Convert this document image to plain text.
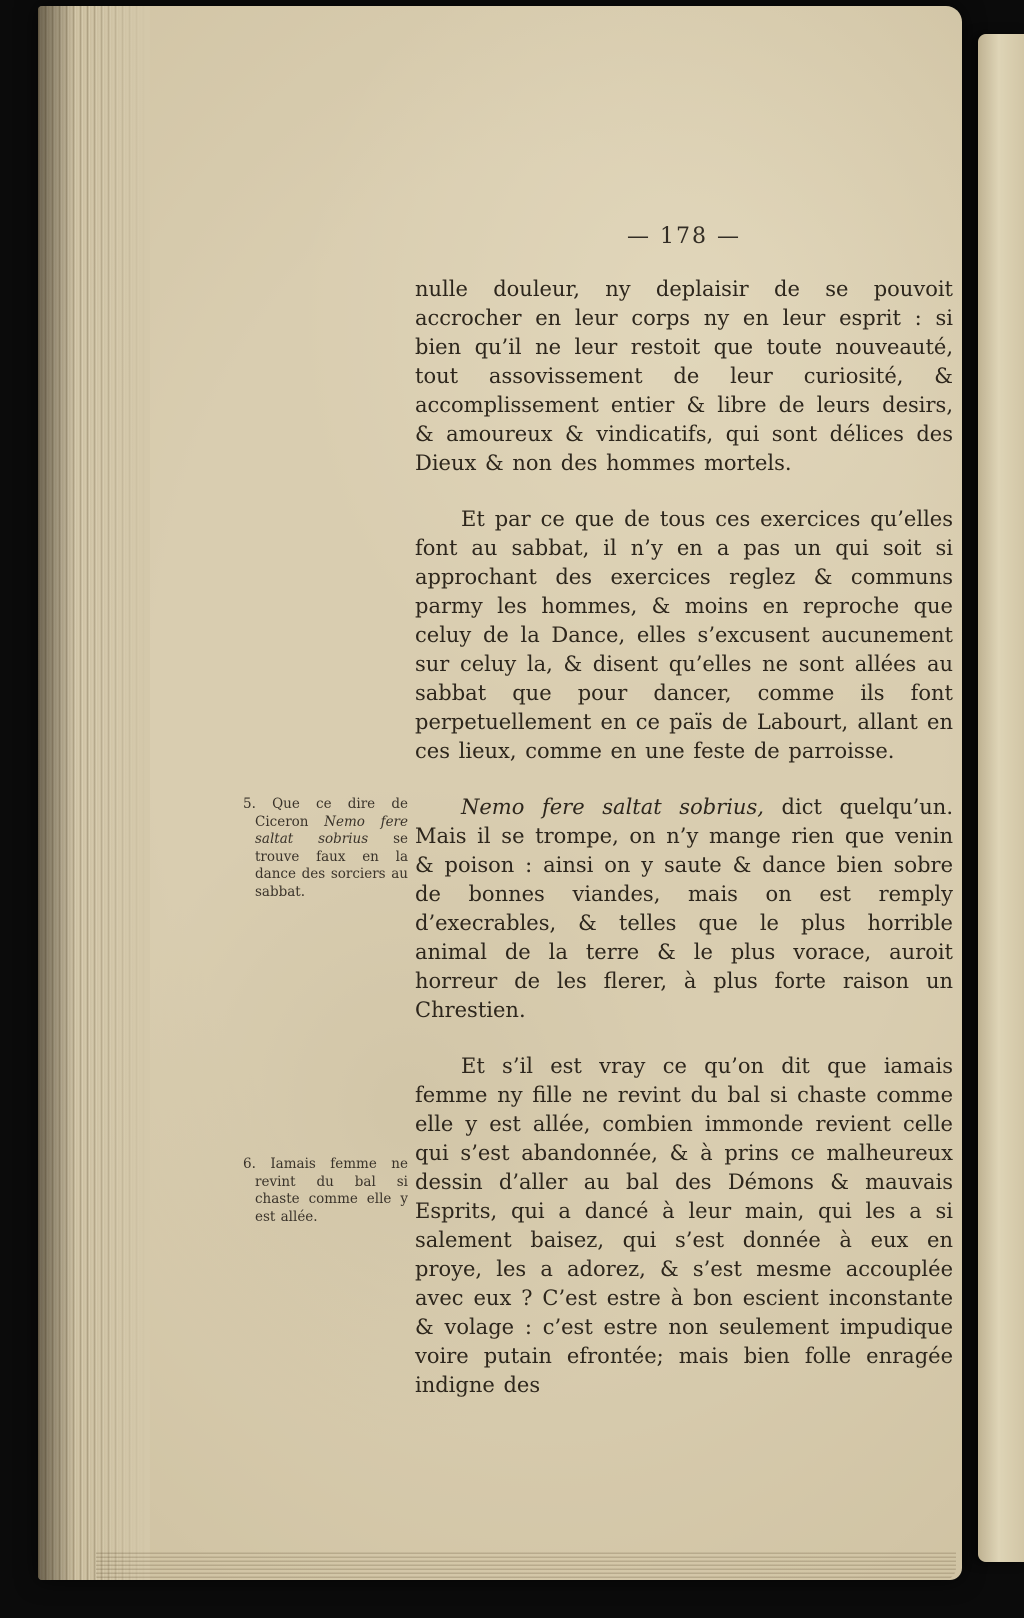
— 178 —

nulle douleur, ny deplaisir de se pouvoit accrocher en leur corps ny en leur esprit : si bien qu’il ne leur restoit que toute nouveauté, tout assovissement de leur curiosité, & accomplissement entier & libre de leurs desirs, & amoureux & vindicatifs, qui sont délices des Dieux & non des hommes mortels.

Et par ce que de tous ces exercices qu’elles font au sabbat, il n’y en a pas un qui soit si approchant des exercices reglez & communs parmy les hommes, & moins en reproche que celuy de la Dance, elles s’excusent aucunement sur celuy la, & disent qu’elles ne sont allées au sabbat que pour dancer, comme ils font perpetuellement en ce païs de Labourt, allant en ces lieux, comme en une feste de parroisse.

5. Que ce dire de Ciceron Nemo fere saltat sobrius se trouve faux en la dance des sorciers au sabbat.

Nemo fere saltat sobrius, dict quelqu’un. Mais il se trompe, on n’y mange rien que venin & poison : ainsi on y saute & dance bien sobre de bonnes viandes, mais on est remply d’execrables, & telles que le plus horrible animal de la terre & le plus vorace, auroit horreur de les flerer, à plus forte raison un Chrestien.

6. Iamais femme ne revint du bal si chaste comme elle y est allée.

Et s’il est vray ce qu’on dit que iamais femme ny fille ne revint du bal si chaste comme elle y est allée, combien immonde revient celle qui s’est abandonnée, & à prins ce malheureux dessin d’aller au bal des Démons & mauvais Esprits, qui a dancé à leur main, qui les a si salement baisez, qui s’est donnée à eux en proye, les a adorez, & s’est mesme accouplée avec eux ? C’est estre à bon escient inconstante & volage : c’est estre non seulement impudique voire putain efrontée; mais bien folle enragée indigne des
